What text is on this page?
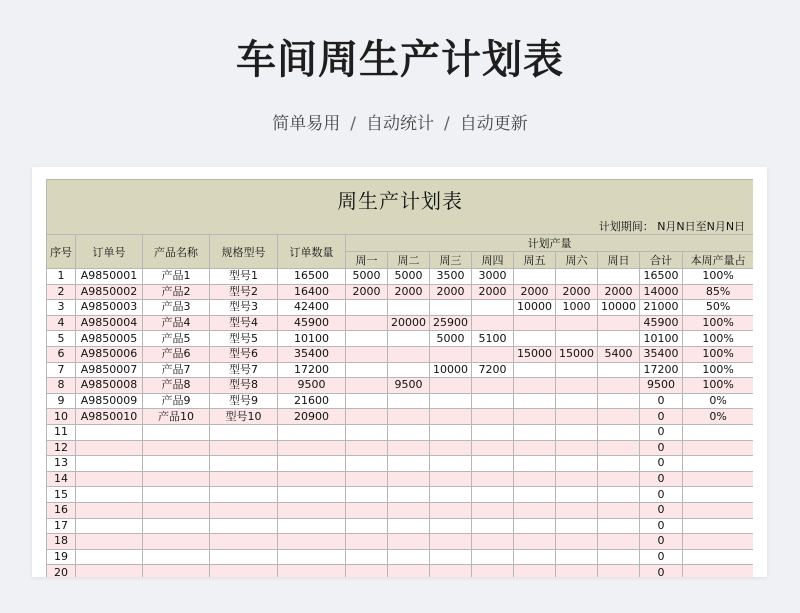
车间周生产计划表
简单易用 / 自动统计 / 自动更新
周生产计划表													
计划期间： N月N日至N月N日													
序号	订单号	产品名称	规格型号	订单数量	计划产量								
					周一	周二	周三	周四	周五	周六	周日	合计	本周产量占
1	A9850001	产品1	型号1	16500	5000	5000	3500	3000				16500	100%
2	A9850002	产品2	型号2	16400	2000	2000	2000	2000	2000	2000	2000	14000	85%
3	A9850003	产品3	型号3	42400					10000	1000	10000	21000	50%
4	A9850004	产品4	型号4	45900		20000	25900					45900	100%
5	A9850005	产品5	型号5	10100			5000	5100				10100	100%
6	A9850006	产品6	型号6	35400					15000	15000	5400	35400	100%
7	A9850007	产品7	型号7	17200			10000	7200				17200	100%
8	A9850008	产品8	型号8	9500		9500						9500	100%
9	A9850009	产品9	型号9	21600								0	0%
10	A9850010	产品10	型号10	20900								0	0%
11												0	
12												0	
13												0	
14												0	
15												0	
16												0	
17												0	
18												0	
19												0	
20												0	
